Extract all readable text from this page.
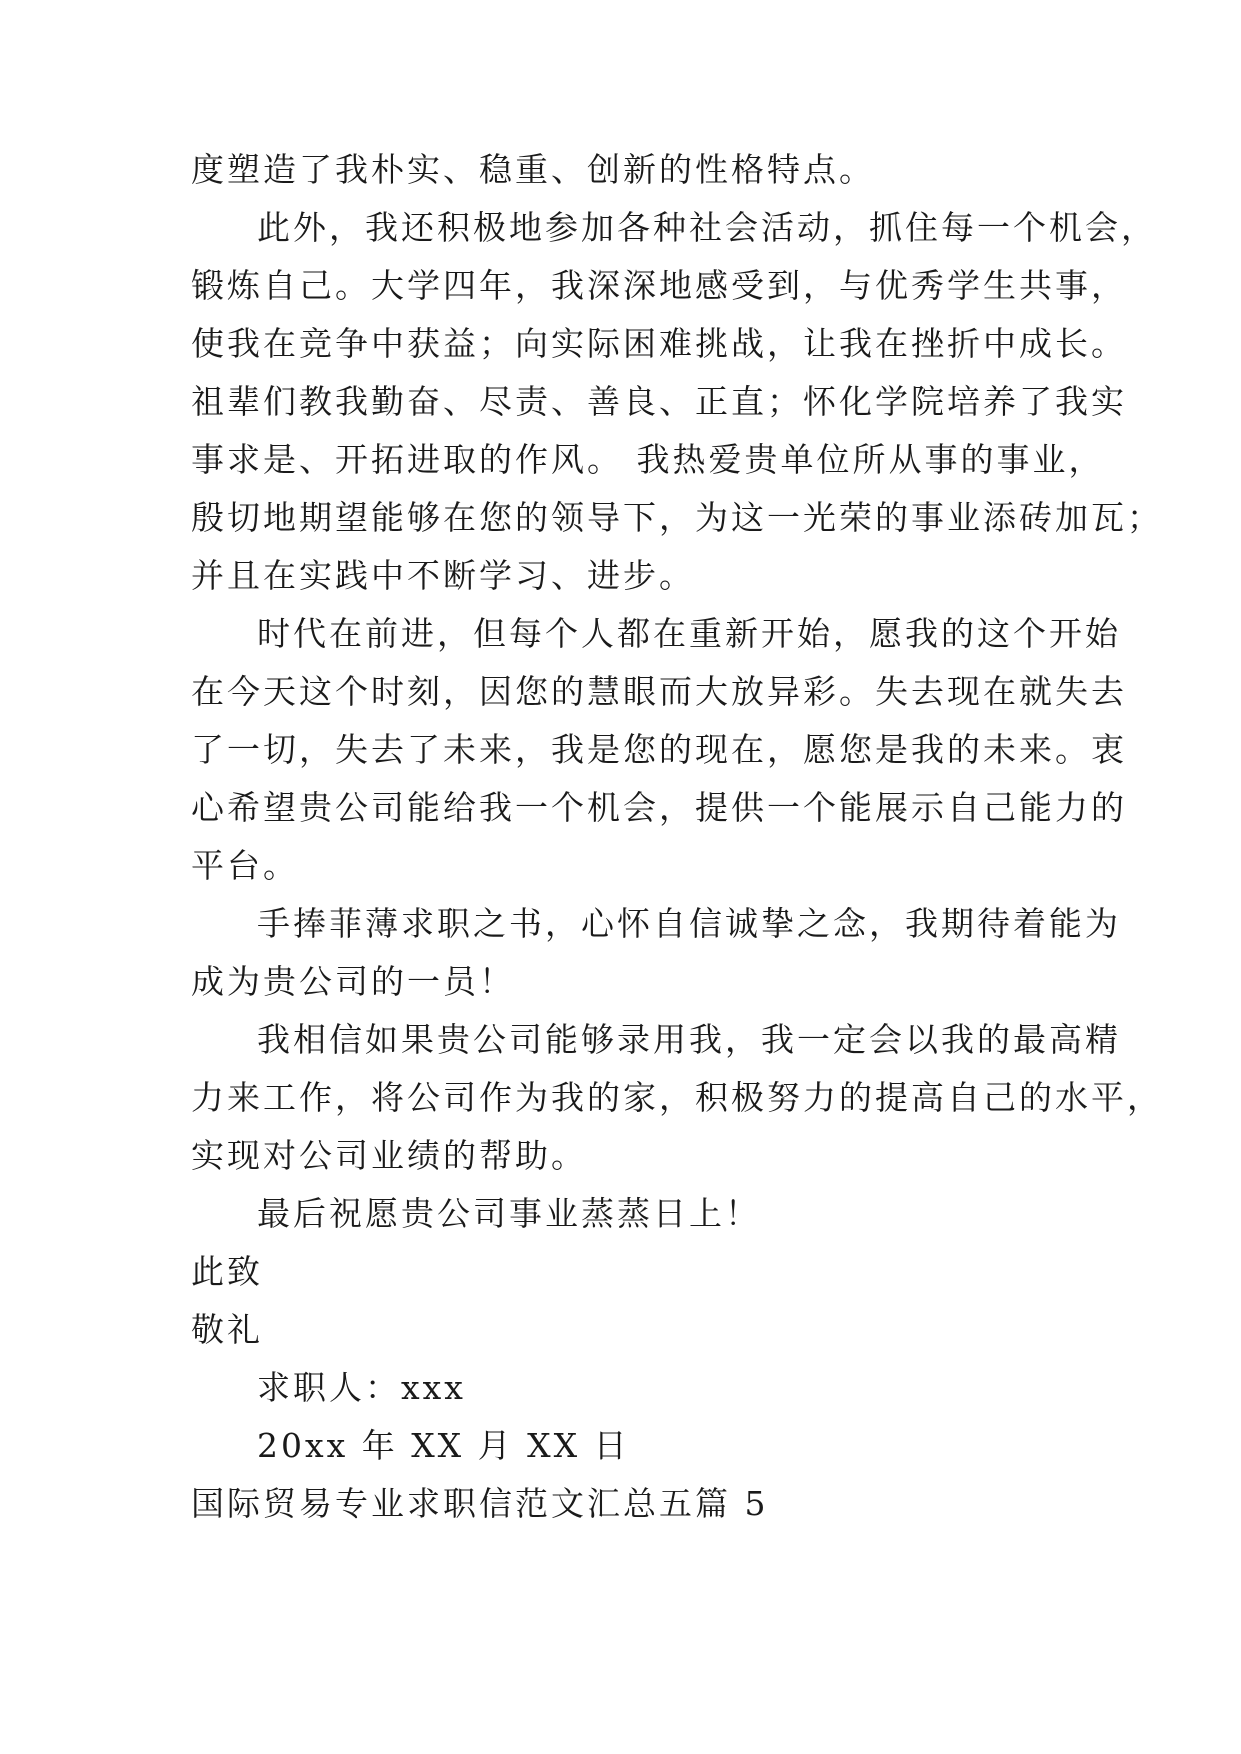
度塑造了我朴实、稳重、创新的性格特点。
此外，我还积极地参加各种社会活动，抓住每一个机会，
锻炼自己。大学四年，我深深地感受到，与优秀学生共事，
使我在竞争中获益；向实际困难挑战，让我在挫折中成长。
祖辈们教我勤奋、尽责、善良、正直；怀化学院培养了我实
事求是、开拓进取的作风。 我热爱贵单位所从事的事业，
殷切地期望能够在您的领导下，为这一光荣的事业添砖加瓦；
并且在实践中不断学习、进步。
时代在前进，但每个人都在重新开始，愿我的这个开始
在今天这个时刻，因您的慧眼而大放异彩。失去现在就失去
了一切，失去了未来，我是您的现在，愿您是我的未来。衷
心希望贵公司能给我一个机会，提供一个能展示自己能力的
平台。
手捧菲薄求职之书，心怀自信诚挚之念，我期待着能为
成为贵公司的一员！
我相信如果贵公司能够录用我，我一定会以我的最高精
力来工作，将公司作为我的家，积极努力的提高自己的水平，
实现对公司业绩的帮助。
最后祝愿贵公司事业蒸蒸日上！
此致
敬礼
求职人：xxx
20xx 年 XX 月 XX 日
国际贸易专业求职信范文汇总五篇 5
